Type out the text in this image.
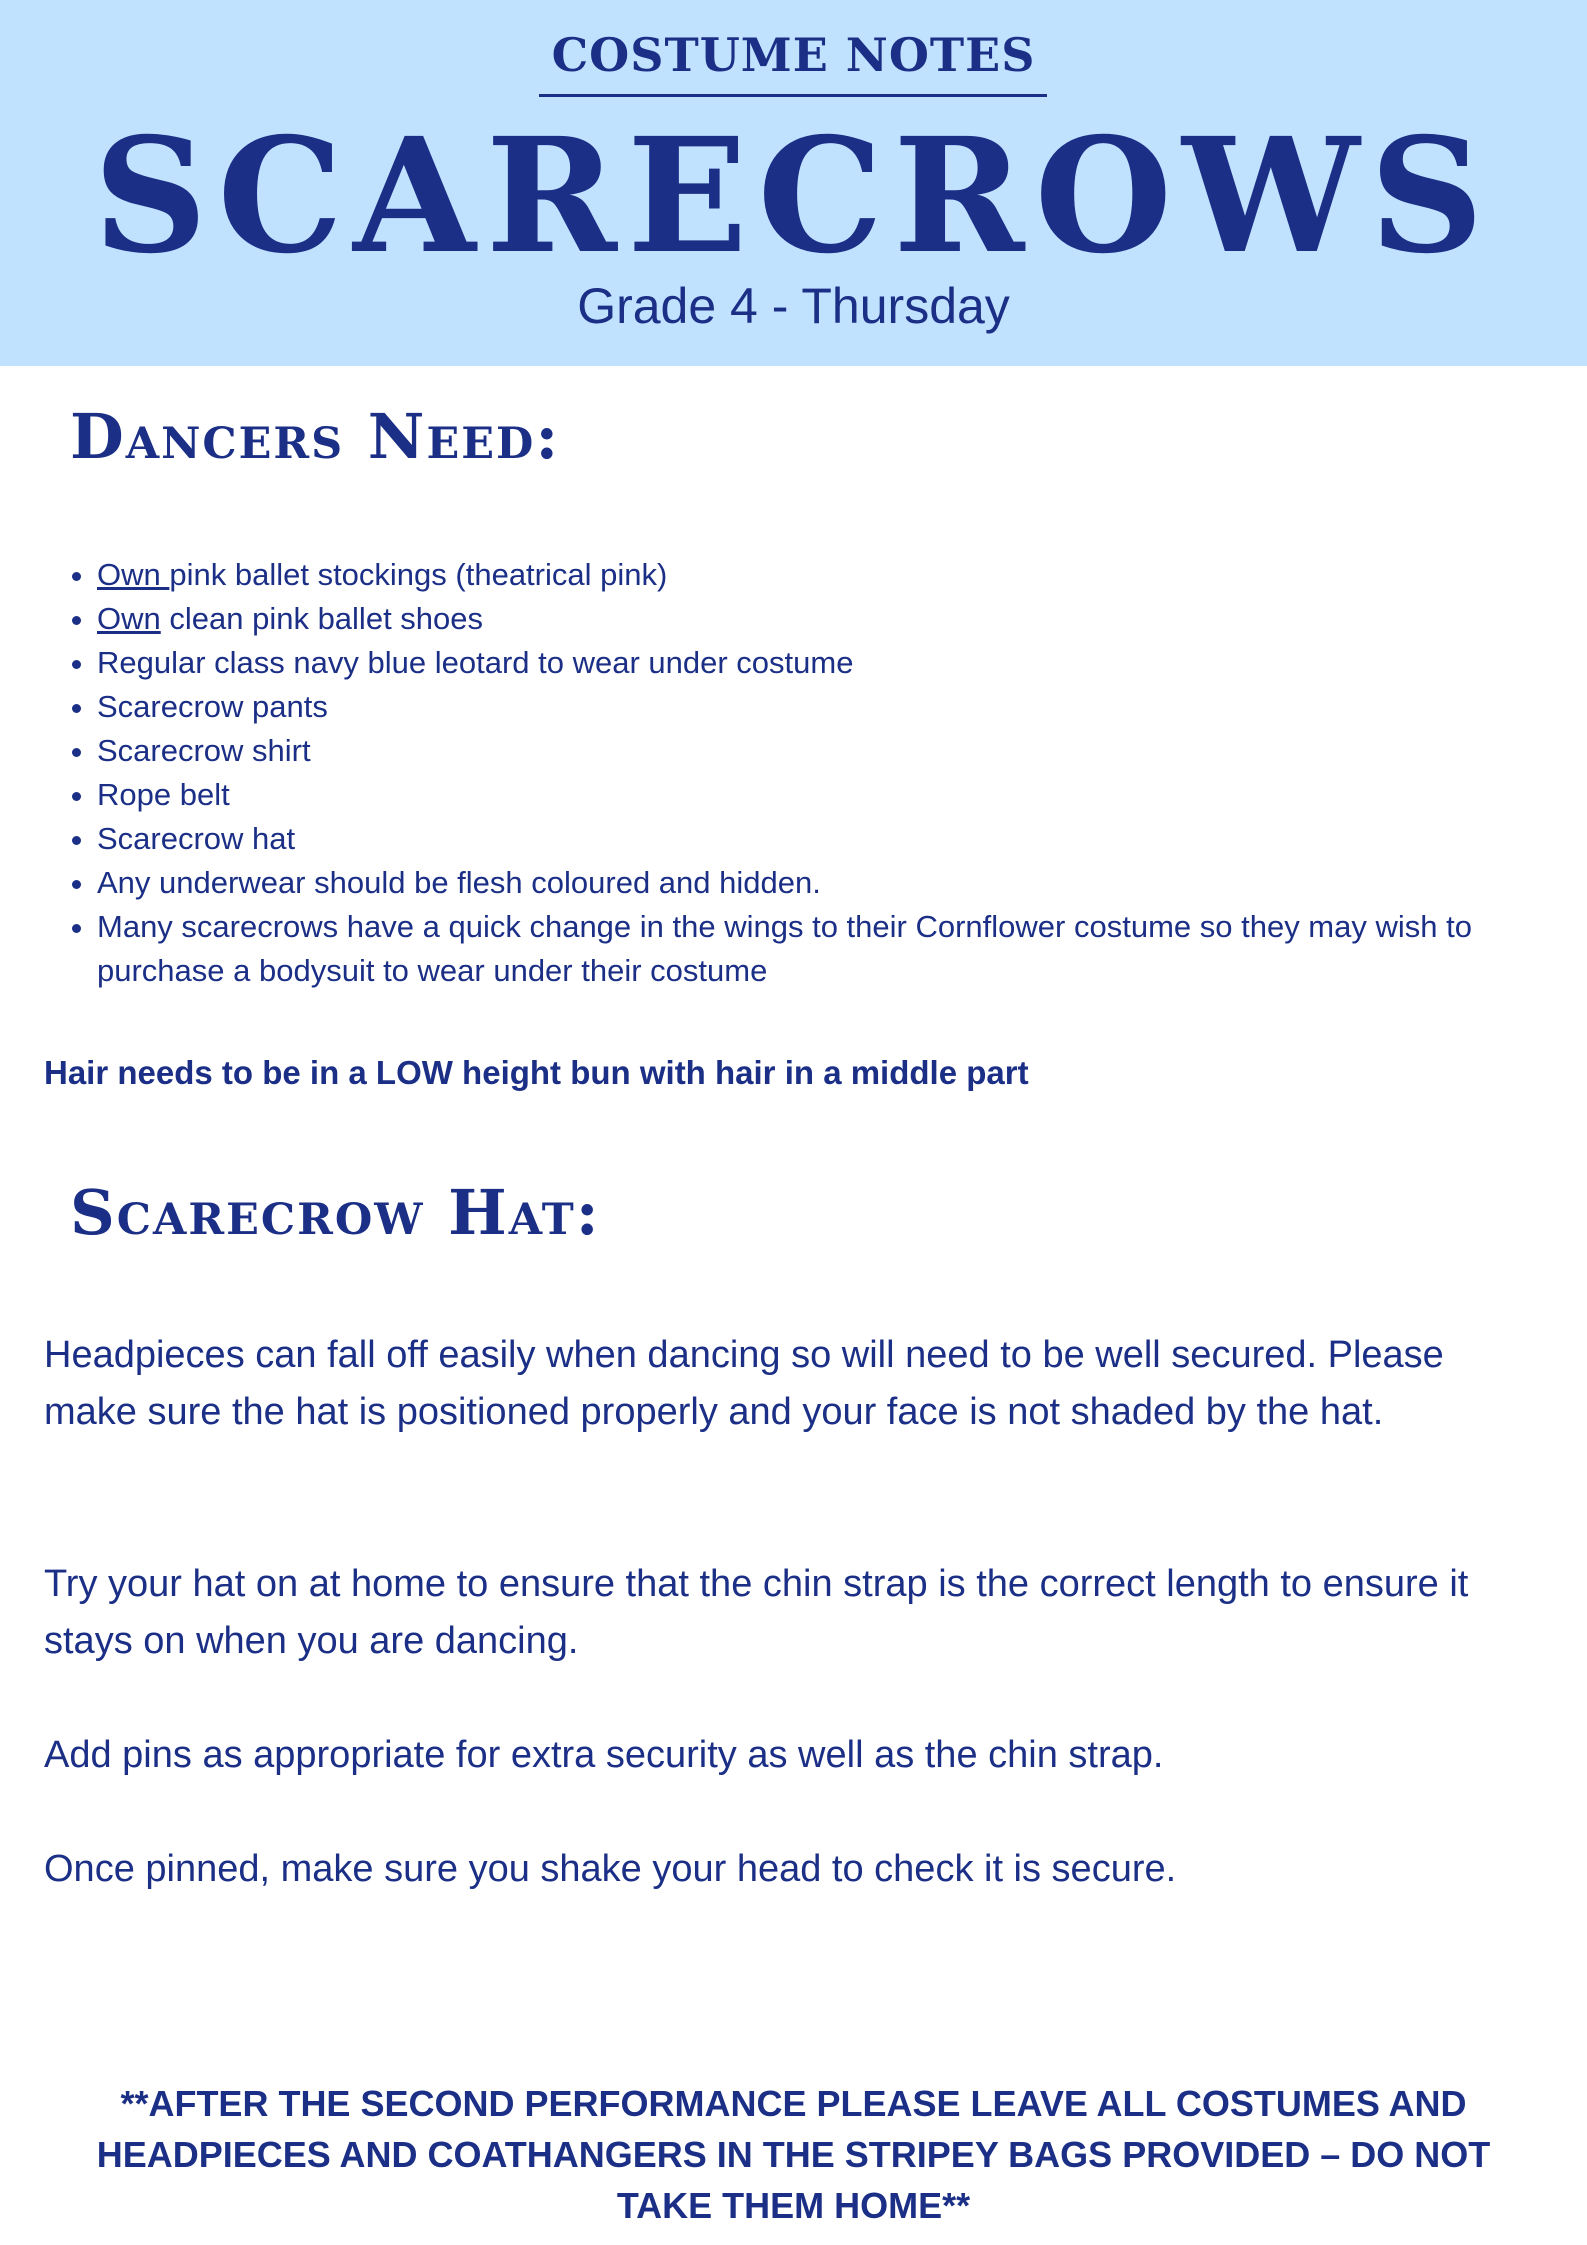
COSTUME NOTES
SCARECROWS
Grade 4 - Thursday
Dancers Need:
• Own pink ballet stockings (theatrical pink)
• Own clean pink ballet shoes
• Regular class navy blue leotard to wear under costume
• Scarecrow pants
• Scarecrow shirt
• Rope belt
• Scarecrow hat
• Any underwear should be flesh coloured and hidden.
• Many scarecrows have a quick change in the wings to their Cornflower costume so they may wish to purchase a bodysuit to wear under their costume
Hair needs to be in a LOW height bun with hair in a middle part
Scarecrow Hat:

Headpieces can fall off easily when dancing so will need to be well secured. Please make sure the hat is positioned properly and your face is not shaded by the hat.

Try your hat on at home to ensure that the chin strap is the correct length to ensure it stays on when you are dancing.

Add pins as appropriate for extra security as well as the chin strap.

Once pinned, make sure you shake your head to check it is secure.

**AFTER THE SECOND PERFORMANCE PLEASE LEAVE ALL COSTUMES AND HEADPIECES AND COATHANGERS IN THE STRIPEY BAGS PROVIDED – DO NOT TAKE THEM HOME**
